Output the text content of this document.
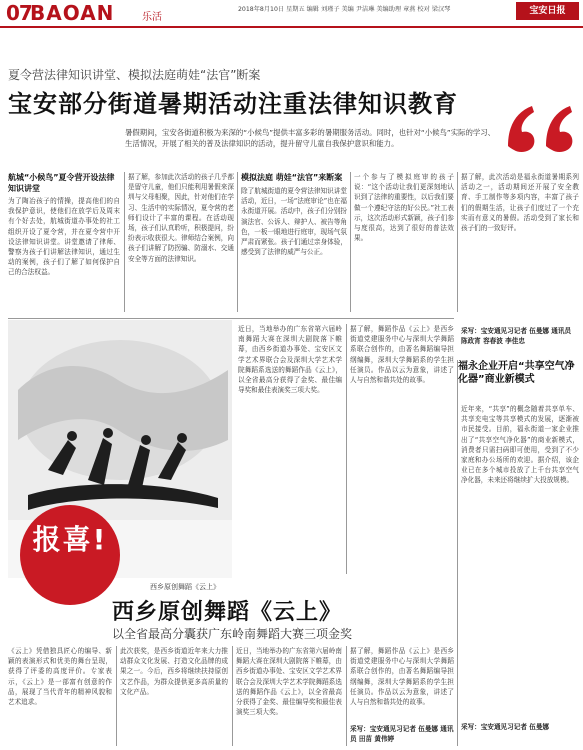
07
BAOAN	乐活
2018年8月10日 星期五 编辑 刘瑾子 美编 尹洁琳 美编助理 章燕 校对 梁汉琴	宝安日报
夏令营法律知识讲堂、模拟法庭萌娃“法官”断案
宝安部分街道暑期活动注重法律知识教育
暑假期间，宝安各街道积极为来深的“小候鸟”提供丰富多彩的暑期服务活动。同时，也针对“小候鸟”实际的学习、生活情况，开展了相关的普及法律知识的活动，提升留守儿童自我保护意识和能力。
航城“小候鸟”夏令营开设法律知识讲堂
为了陶冶孩子的情操，提高他们的自我保护意识，使他们在放学后及周末有个好去处，航城街道办事处的社工组织开设了夏令营，并在夏令营中开设法律知识讲堂。讲堂邀请了律师、警察为孩子们讲解法律知识，通过生动的案例，孩子们了解了如何保护自己的合法权益。
据了解，参加此次活动的孩子几乎都是留守儿童，他们只能利用暑假来深圳与父母相聚，因此，针对他们在学习、生活中的实际情况，夏令营的老师们设计了丰富的课程。在活动现场，孩子们认真聆听，积极提问，纷纷表示收获很大。律师结合案例，向孩子们讲解了防拐骗、防溺水、交通安全等方面的法律知识。
模拟法庭 萌娃“法官”来断案
除了航城街道的夏令营法律知识讲堂活动，近日，一场“法庭审论”也在福永街道开展。活动中，孩子们分别扮演法官、公诉人、辩护人、被告等角色，一板一眼地进行庭审，现场气氛严肃而紧张。孩子们通过亲身体验，感受到了法律的威严与公正。
一个参与了模拟庭审的孩子说：“这个活动让我们更深刻地认识到了法律的重要性，以后我们要做一个遵纪守法的好公民。”社工表示，这次活动形式新颖，孩子们参与度很高，达到了很好的普法效果。
据了解，此次活动是福永街道暑期系列活动之一，活动期间还开展了安全教育、手工制作等多项内容，丰富了孩子们的假期生活，让孩子们度过了一个充实而有意义的暑假。活动受到了家长和孩子们的一致好评。
采写：宝安通见习记者 伍曼娜 通讯员 陈政宵 容春波 李佳忠
西乡原创舞蹈《云上》
报喜!
近日，当地举办的广东省第六届岭南舞蹈大赛在深圳大剧院落下帷幕，由西乡街道办事处、宝安区文学艺术界联合会及深圳大学艺术学院舞蹈系选送的舞蹈作品《云上》，以全省最高分获得了金奖、最佳编导奖和最佳表演奖三项大奖。
据了解，舞蹈作品《云上》是西乡街道党建服务中心与深圳大学舞蹈系联合创作的，由著名舞蹈编导担纲编舞，深圳大学舞蹈系的学生担任演员。作品以云为意象，讲述了人与自然和谐共处的故事。
西乡原创舞蹈《云上》
以全省最高分囊获广东岭南舞蹈大赛三项金奖
《云上》凭借独具匠心的编导、新颖的表演形式和优美的舞台呈现，获得了评委的高度评价。专家表示，《云上》是一部富有创意的作品，展现了当代青年的精神风貌和艺术追求。
此次获奖，是西乡街道近年来大力推动群众文化发展、打造文化品牌的成果之一。今后，西乡将继续扶持原创文艺作品，为群众提供更多高质量的文化产品。
近日，当地举办的广东省第六届岭南舞蹈大赛在深圳大剧院落下帷幕，由西乡街道办事处、宝安区文学艺术界联合会及深圳大学艺术学院舞蹈系选送的舞蹈作品《云上》，以全省最高分获得了金奖、最佳编导奖和最佳表演奖三项大奖。
据了解，舞蹈作品《云上》是西乡街道党建服务中心与深圳大学舞蹈系联合创作的，由著名舞蹈编导担纲编舞，深圳大学舞蹈系的学生担任演员。作品以云为意象，讲述了人与自然和谐共处的故事。
采写：宝安通见习记者 伍曼娜 通讯员 田苗 黄伟婷
福永企业开启“共享空气净化器”商业新模式
近年来，“共享”的概念随着共享单车、共享充电宝等共享模式的发展，逐渐被市民接受。目前，福永街道一家企业推出了“共享空气净化器”的商业新模式，消费者只需扫码即可使用，受到了不少家庭和办公场所的欢迎。据介绍，该企业已在多个城市投放了上千台共享空气净化器，未来还将继续扩大投放规模。
采写：宝安通见习记者 伍曼娜
